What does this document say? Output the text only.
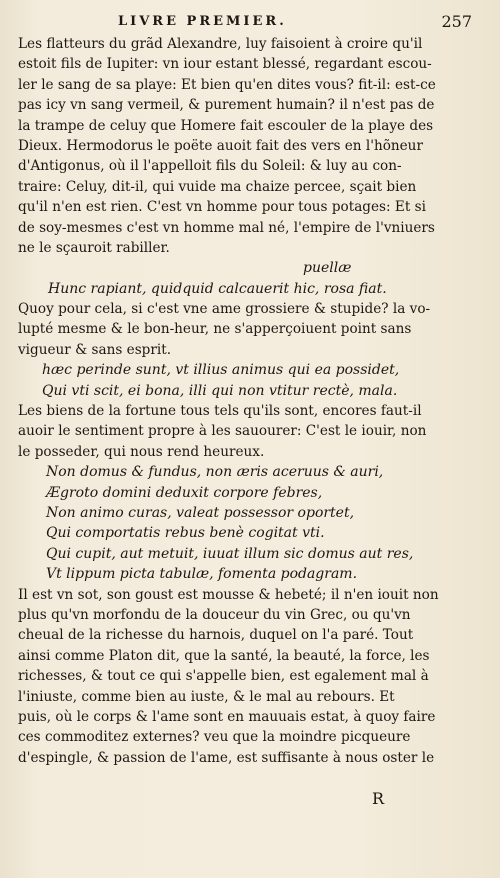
LIVRE PREMIER.	257
Les flatteurs du grãd Alexandre, luy faisoient à croire qu'il
estoit fils de Iupiter: vn iour estant blessé, regardant escou-
ler le sang de sa playe: Et bien qu'en dites vous? fit-il: est-ce
pas icy vn sang vermeil, & purement humain? il n'est pas de
la trampe de celuy que Homere fait escouler de la playe des
Dieux. Hermodorus le poëte auoit fait des vers en l'hõneur
d'Antigonus, où il l'appelloit fils du Soleil: & luy au con-
traire: Celuy, dit-il, qui vuide ma chaize percee, sçait bien
qu'il n'en est rien. C'est vn homme pour tous potages: Et si
de soy-mesmes c'est vn homme mal né, l'empire de l'vniuers
ne le sçauroit rabiller.
puellæ
Hunc rapiant, quidquid calcauerit hic, rosa fiat.
Quoy pour cela, si c'est vne ame grossiere & stupide? la vo-
lupté mesme & le bon-heur, ne s'apperçoiuent point sans
vigueur & sans esprit.
hæc perinde sunt, vt illius animus qui ea possidet,
Qui vti scit, ei bona, illi qui non vtitur rectè, mala.
Les biens de la fortune tous tels qu'ils sont, encores faut-il
auoir le sentiment propre à les sauourer: C'est le iouir, non
le posseder, qui nous rend heureux.
Non domus & fundus, non æris aceruus & auri,
Ægroto domini deduxit corpore febres,
Non animo curas, valeat possessor oportet,
Qui comportatis rebus benè cogitat vti.
Qui cupit, aut metuit, iuuat illum sic domus aut res,
Vt lippum picta tabulæ, fomenta podagram.
Il est vn sot, son goust est mousse & hebeté; il n'en iouit non
plus qu'vn morfondu de la douceur du vin Grec, ou qu'vn
cheual de la richesse du harnois, duquel on l'a paré. Tout
ainsi comme Platon dit, que la santé, la beauté, la force, les
richesses, & tout ce qui s'appelle bien, est egalement mal à
l'iniuste, comme bien au iuste, & le mal au rebours. Et
puis, où le corps & l'ame sont en mauuais estat, à quoy faire
ces commoditez externes? veu que la moindre picqueure
d'espingle, & passion de l'ame, est suffisante à nous oster le
R
